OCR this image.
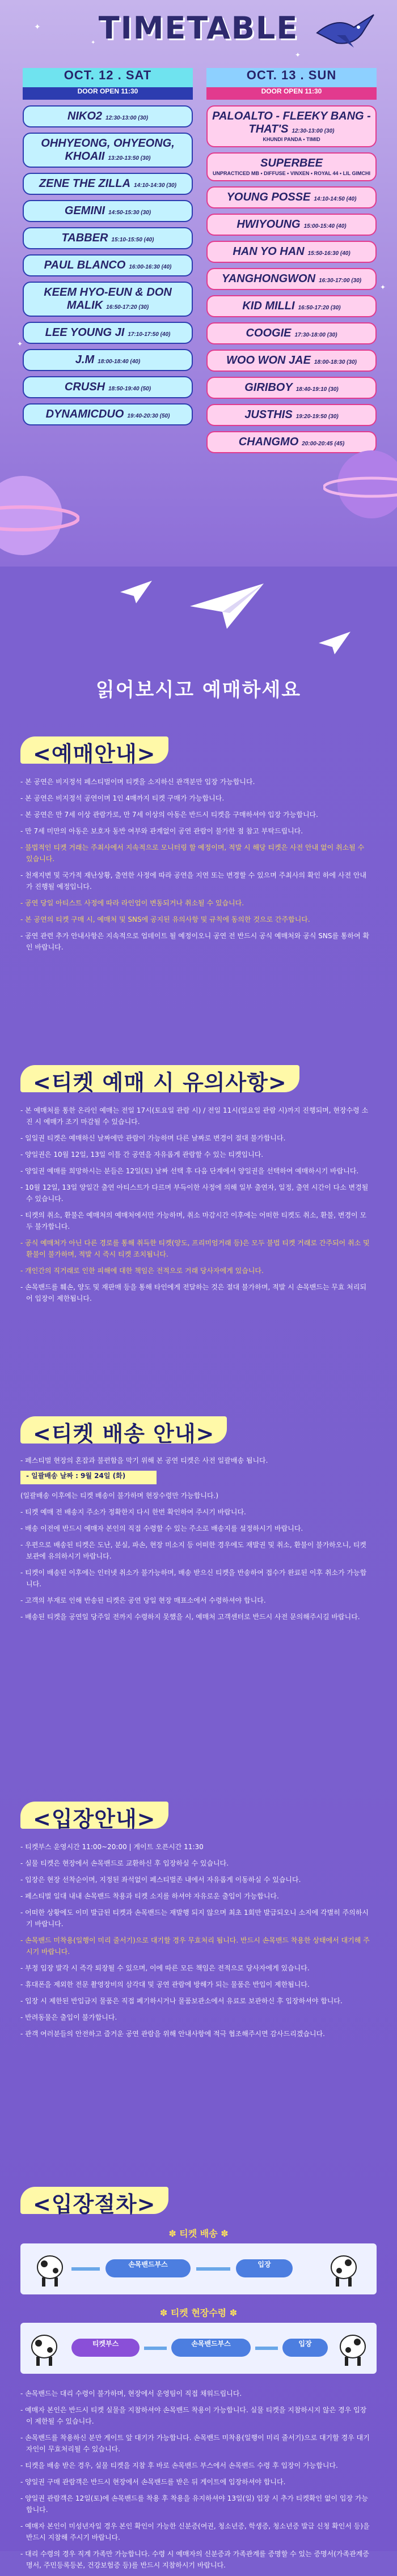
✦
✦
✦
✦
✦
TIMETABLE
OCT. 12 . SAT
DOOR OPEN 11:30
NIKO2 12:30-13:00 (30)
OHHYEONG, OHYEONG, KHOAII 13:20-13:50 (30)
ZENE THE ZILLA 14:10-14:30 (30)
GEMINI 14:50-15:30 (30)
TABBER 15:10-15:50 (40)
PAUL BLANCO 16:00-16:30 (40)
KEEM HYO-EUN & DON MALIK 16:50-17:20 (30)
LEE YOUNG JI 17:10-17:50 (40)
J.M 18:00-18:40 (40)
CRUSH 18:50-19:40 (50)
DYNAMICDUO 19:40-20:30 (50)
OCT. 13 . SUN
DOOR OPEN 11:30
PALOALTO - FLEEKY BANG - THAT'S 12:30-13:00 (30)
KHUNDI PANDA • TIMID
SUPERBEE
UNPRACTICED MB • DIFFUSE • VINXEN • ROYAL 44 • LIL GIMCHI
YOUNG POSSE 14:10-14:50 (40)
HWIYOUNG 15:00-15:40 (40)
HAN YO HAN 15:50-16:30 (40)
YANGHONGWON 16:30-17:00 (30)
KID MILLI 16:50-17:20 (30)
COOGIE 17:30-18:00 (30)
WOO WON JAE 18:00-18:30 (30)
GIRIBOY 18:40-19:10 (30)
JUSTHIS 19:20-19:50 (30)
CHANGMO 20:00-20:45 (45)
읽어보시고 예매하세요
<예매안내>
- 본 공연은 비지정석 페스티벌이며 티켓을 소지하신 관객분만 입장 가능합니다.
- 본 공연은 비지정석 공연이며 1인 4매까지 티켓 구매가 가능합니다.
- 본 공연은 만 7세 이상 관람가로, 만 7세 이상의 아동은 반드시 티켓을 구매하셔야 입장 가능합니다.
- 만 7세 미만의 아동은 보호자 동반 여부와 관계없이 공연 관람이 불가한 점 참고 부탁드립니다.
- 불법적인 티켓 거래는 주최사에서 지속적으로 모니터링 할 예정이며, 적발 시 해당 티켓은 사전 안내 없이 취소될 수 있습니다.
- 천재지변 및 국가적 재난상황, 출연한 사정에 따라 공연을 지연 또는 변경할 수 있으며 주최사의 확인 하에 사전 안내가 진행될 예정입니다.
- 공연 당일 아티스트 사정에 따라 라인업이 변동되거나 취소될 수 있습니다.
- 본 공연의 티켓 구매 시, 예매처 및 SNS에 공지된 유의사항 및 규칙에 동의한 것으로 간주합니다.
- 공연 관련 추가 안내사항은 지속적으로 업데이트 될 예정이오니 공연 전 반드시 공식 예매처와 공식 SNS를 통하여 확인 바랍니다.
<티켓 예매 시 유의사항>
- 본 예매처를 통한 온라인 예매는 전일 17시(토요일 관람 시) / 전일 11시(일요일 관람 시)까지 진행되며, 현장수령 소진 시 예매가 조기 마감될 수 있습니다.
- 일일권 티켓은 예매하신 날짜에만 관람이 가능하며 다른 날짜로 변경이 절대 불가합니다.
- 양일권은 10월 12일, 13일 이틀 간 공연을 자유롭게 관람할 수 있는 티켓입니다.
- 양일권 예매를 희망하시는 분들은 12일(토) 날짜 선택 후 다음 단계에서 양일권을 선택하여 예매하시기 바랍니다.
- 10월 12일, 13일 양일간 출연 아티스트가 다르며 부득이한 사정에 의해 일부 출연자, 일정, 출연 시간이 다소 변경될 수 있습니다.
- 티켓의 취소, 환불은 예매처의 예매처에서만 가능하며, 취소 마감시간 이후에는 어떠한 티켓도 취소, 환불, 변경이 모두 불가합니다.
- 공식 예매처가 아닌 다른 경로를 통해 취득한 티켓(양도, 프리미엄거래 등)은 모두 불법 티켓 거래로 간주되어 취소 및 환불이 불가하며, 적발 시 즉시 티켓 조치됩니다.
- 개인간의 직거래로 인한 피해에 대한 책임은 전적으로 거래 당사자에게 있습니다.
- 손목밴드를 훼손, 양도 및 재판매 등을 통해 타인에게 전달하는 것은 절대 불가하며, 적발 시 손목밴드는 무효 처리되어 입장이 제한됩니다.
<티켓 배송 안내>
- 페스티벌 현장의 혼잡과 불편함을 막기 위해 본 공연 티켓은 사전 일괄배송 됩니다.
- 일괄배송 날짜 : 9월 24일 (화)
(일괄배송 이후에는 티켓 배송이 불가하며 현장수령만 가능합니다.)
- 티켓 예매 전 배송지 주소가 정확한지 다시 한번 확인하여 주시기 바랍니다.
- 배송 이전에 반드시 예매자 본인의 직접 수령할 수 있는 주소로 배송지를 설정하시기 바랍니다.
- 우편으로 배송된 티켓은 도난, 분실, 파손, 현장 미소지 등 어떠한 경우에도 재발권 및 취소, 환불이 불가하오니, 티켓 보관에 유의하시기 바랍니다.
- 티켓이 배송된 이후에는 인터넷 취소가 불가능하며, 배송 받으신 티켓을 반송하여 접수가 완료된 이후 취소가 가능합니다.
- 고객의 부재로 인해 반송된 티켓은 공연 당일 현장 매표소에서 수령하셔야 합니다.
- 배송된 티켓을 공연일 당주일 전까지 수령하지 못했을 시, 예매처 고객센터로 반드시 사전 문의해주시길 바랍니다.
<입장안내>
- 티켓부스 운영시간 11:00~20:00 | 게이트 오픈시간 11:30
- 실물 티켓은 현장에서 손목밴드로 교환하신 후 입장하실 수 있습니다.
- 입장은 현장 선착순이며, 지정된 좌석없이 페스티벌존 내에서 자유롭게 이동하실 수 있습니다.
- 페스티벌 일대 내내 손목밴드 착용과 티켓 소지를 하셔야 자유로운 출입이 가능합니다.
- 어떠한 상황에도 이미 발급된 티켓과 손목밴드는 재발행 되지 않으며 최초 1회만 발급되오니 소지에 각별히 주의하시기 바랍니다.
- 손목밴드 미착용(일행이 미리 줄서기)으로 대기할 경우 무효처리 됩니다. 반드시 손목밴드 착용한 상태에서 대기해 주시기 바랍니다.
- 부정 입장 발각 시 즉각 퇴장될 수 있으며, 이에 따른 모든 책임은 전적으로 당사자에게 있습니다.
- 휴대폰을 제외한 전문 촬영장비의 삼각대 및 공연 관람에 방해가 되는 물품은 반입이 제한됩니다.
- 입장 시 제한된 반입금지 물품은 직접 폐기하시거나 물품보관소에서 유료로 보관하신 후 입장하셔야 합니다.
- 반려동물은 출입이 불가합니다.
- 관객 여러분들의 안전하고 즐거운 공연 관람을 위해 안내사항에 적극 협조해주시면 감사드리겠습니다.
<입장절차>
✽ 티켓 배송 ✽
손목밴드부스	입장
✽ 티켓 현장수령 ✽
티켓부스	손목밴드부스	입장
- 손목밴드는 대리 수령이 불가하며, 현장에서 운영팀이 직접 채워드립니다.
- 예매자 본인은 반드시 티켓 실물을 지참하셔야 손목밴드 착용이 가능합니다. 실물 티켓을 지참하시지 않은 경우 입장이 제한될 수 있습니다.
- 손목밴드를 착용하신 분만 게이트 앞 대기가 가능합니다. 손목밴드 미착용(일행이 미리 줄서기)으로 대기할 경우 대기자인이 무효처리될 수 있습니다.
- 티켓을 배송 받은 경우, 실물 티켓을 지참 후 바로 손목밴드 부스에서 손목밴드 수령 후 입장이 가능합니다.
- 양일권 구매 관람객은 반드시 현장에서 손목밴드를 받은 뒤 게이트에 입장하셔야 합니다.
- 양일권 관람객은 12일(토)에 손목밴드를 착용 후 착용을 유지하셔야 13일(일) 입장 시 추가 티켓확인 없이 입장 가능합니다.
- 예매자 본인이 미성년자일 경우 본인 확인이 가능한 신분증(여권, 청소년증, 학생증, 청소년증 발급 신청 확인서 등)을 반드시 지참해 주시기 바랍니다.
- 대리 수령의 경우 직계 가족만 가능합니다. 수령 시 예매자의 신분증과 가족관계를 증명할 수 있는 증명서(가족관계증명서, 주민등록등본, 건강보험증 등)를 반드시 지참하시기 바랍니다.
